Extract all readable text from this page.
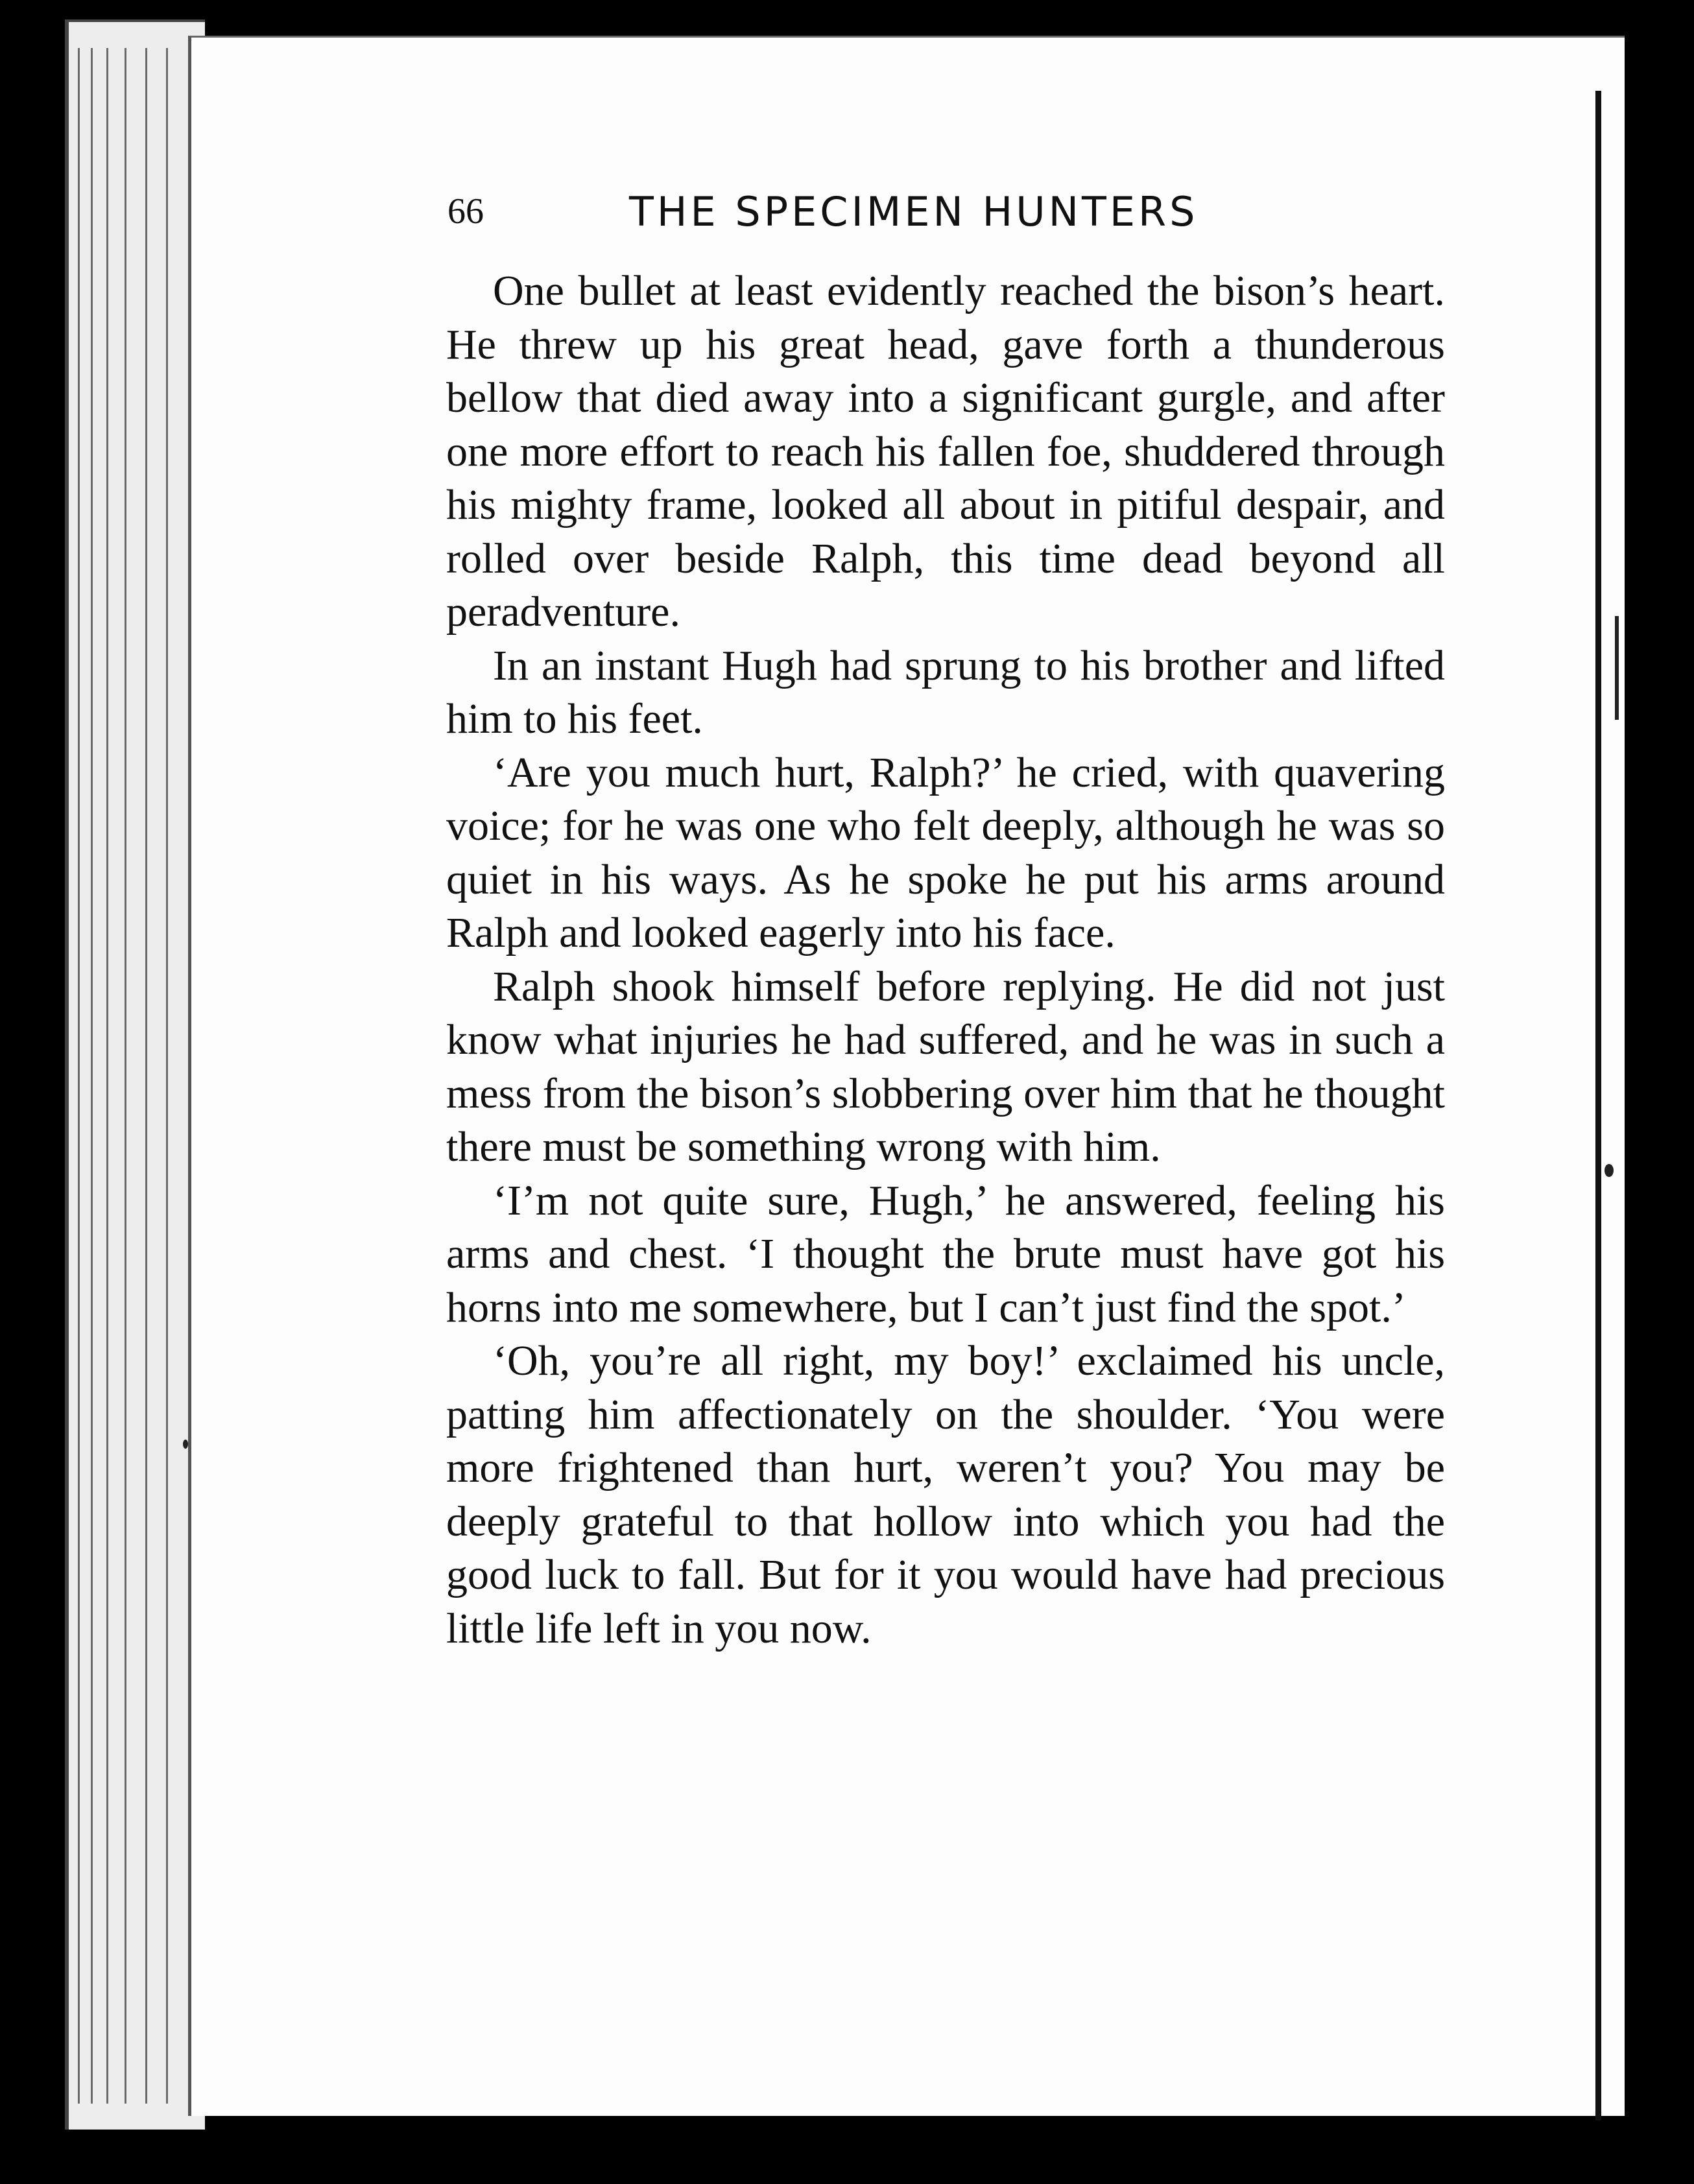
66	THE SPECIMEN HUNTERS

One bullet at least evidently reached the bison’s heart. He threw up his great head, gave forth a thunderous bellow that died away into a significant gurgle, and after one more effort to reach his fallen foe, shuddered through his mighty frame, looked all about in pitiful despair, and rolled over beside Ralph, this time dead beyond all peradventure.

In an instant Hugh had sprung to his brother and lifted him to his feet.

‘Are you much hurt, Ralph?’ he cried, with quavering voice; for he was one who felt deeply, although he was so quiet in his ways. As he spoke he put his arms around Ralph and looked eagerly into his face.

Ralph shook himself before replying. He did not just know what injuries he had suffered, and he was in such a mess from the bison’s slobbering over him that he thought there must be something wrong with him.

‘I’m not quite sure, Hugh,’ he answered, feeling his arms and chest. ‘I thought the brute must have got his horns into me somewhere, but I can’t just find the spot.’

‘Oh, you’re all right, my boy!’ exclaimed his uncle, patting him affectionately on the shoulder. ‘You were more frightened than hurt, weren’t you? You may be deeply grateful to that hollow into which you had the good luck to fall. But for it you would have had precious little life left in you now.
